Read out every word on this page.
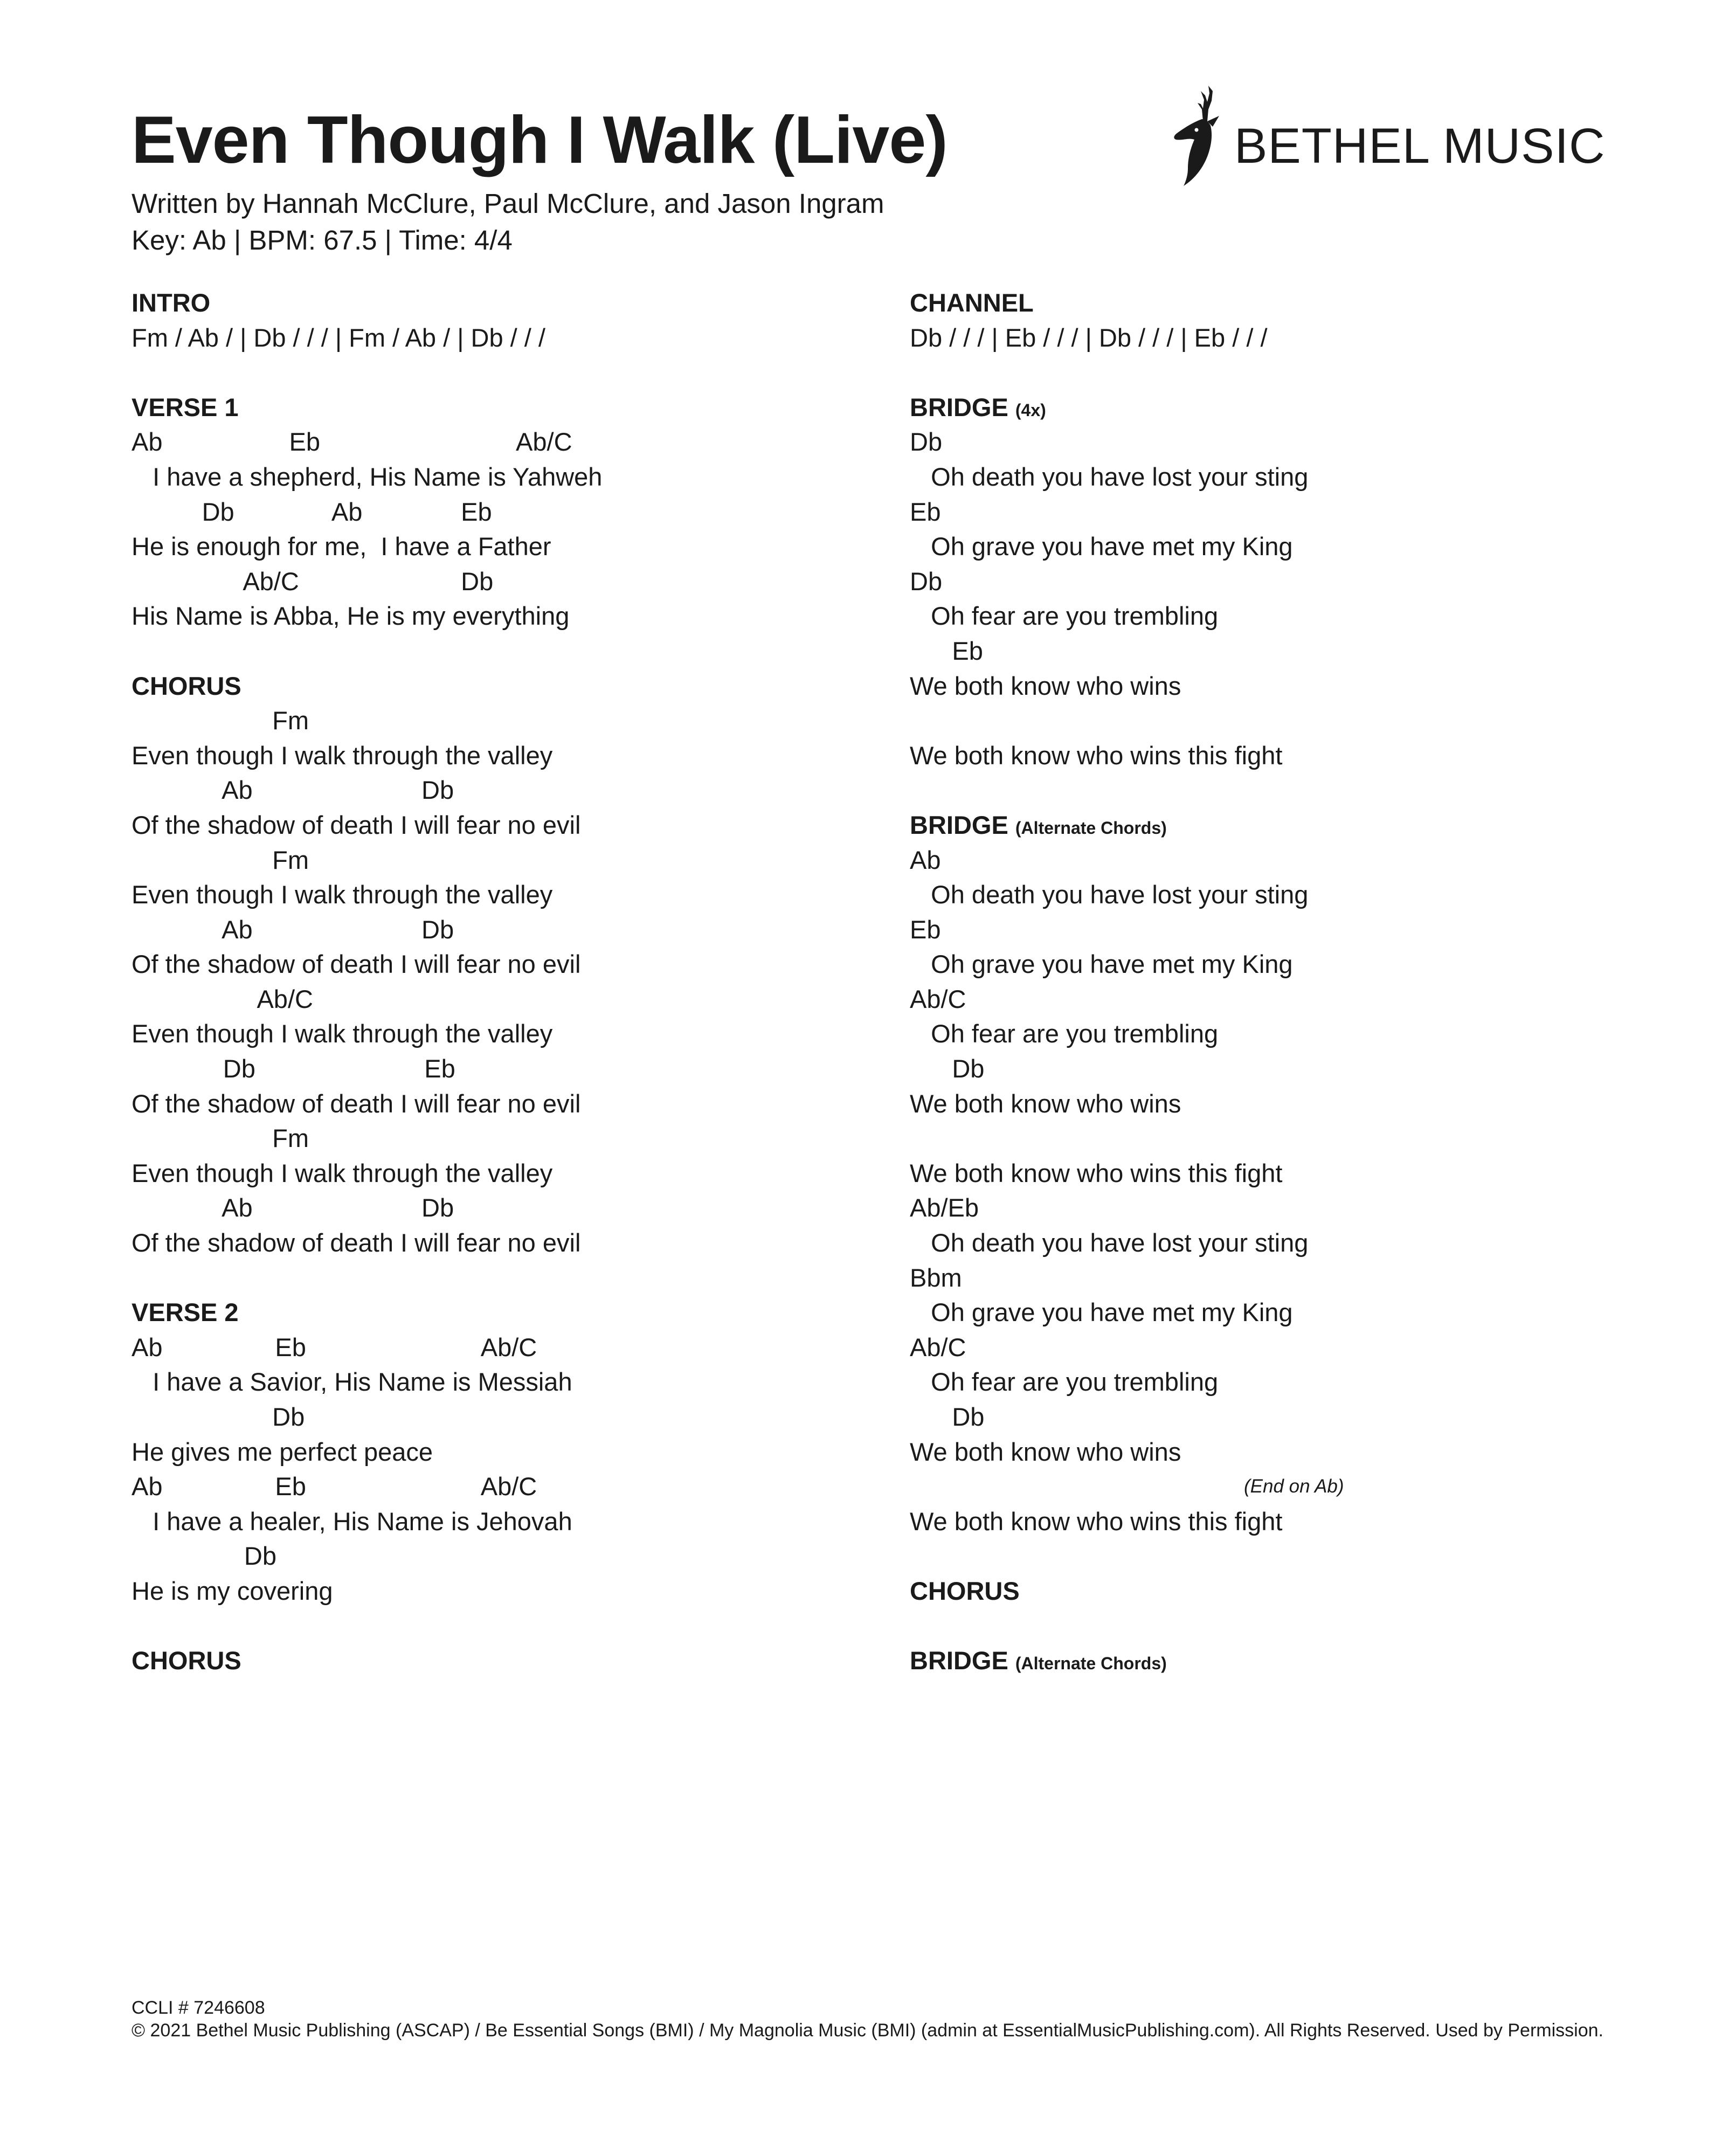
Even Though I Walk (Live)

Written by Hannah McClure, Paul McClure, and Jason Ingram

Key: Ab | BPM: 67.5 | Time: 4/4

BETHEL MUSIC
INTRO
Fm / Ab / | Db / / / | Fm / Ab / | Db / / /
VERSE 1
Ab                  Eb                            Ab/C
I have a shepherd, His Name is Yahweh
Db              Ab              Eb
He is enough for me,  I have a Father
Ab/C                       Db
His Name is Abba, He is my everything
CHORUS
Fm
Even though I walk through the valley
Ab                        Db
Of the shadow of death I will fear no evil
Fm
Even though I walk through the valley
Ab                        Db
Of the shadow of death I will fear no evil
Ab/C
Even though I walk through the valley
Db                        Eb
Of the shadow of death I will fear no evil
Fm
Even though I walk through the valley
Ab                        Db
Of the shadow of death I will fear no evil
VERSE 2
Ab                Eb                         Ab/C
I have a Savior, His Name is Messiah
Db
He gives me perfect peace
Ab                Eb                         Ab/C
I have a healer, His Name is Jehovah
Db
He is my covering
CHORUS
CHANNEL
Db / / / | Eb / / / | Db / / / | Eb / / /
BRIDGE (4x)
Db
Oh death you have lost your sting
Eb
Oh grave you have met my King
Db
Oh fear are you trembling
Eb
We both know who wins
We both know who wins this fight
BRIDGE (Alternate Chords)
Ab
Oh death you have lost your sting
Eb
Oh grave you have met my King
Ab/C
Oh fear are you trembling
Db
We both know who wins
We both know who wins this fight
Ab/Eb
Oh death you have lost your sting
Bbm
Oh grave you have met my King
Ab/C
Oh fear are you trembling
Db
We both know who wins
(End on Ab)
We both know who wins this fight
CHORUS
BRIDGE (Alternate Chords)
CCLI # 7246608
© 2021 Bethel Music Publishing (ASCAP) / Be Essential Songs (BMI) / My Magnolia Music (BMI) (admin at EssentialMusicPublishing.com). All Rights Reserved. Used by Permission.
